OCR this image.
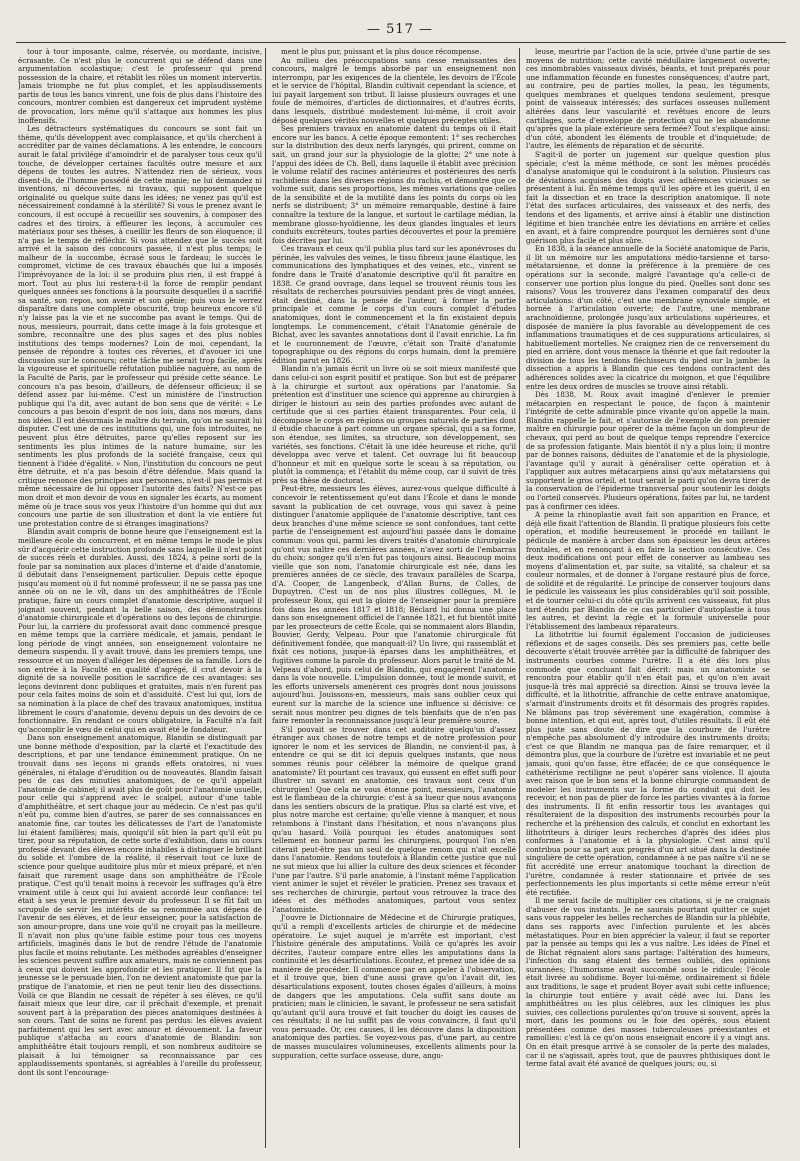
— 517 —

tour à tour imposante, calme, réservée, ou mordante, incisive, écrasante. Ce n'est plus le concurrent qui se défend dans une argumentation scolastique; c'est le professeur qui prend possession de la chaire, et rétablit les rôles un moment intervertis. Jamais triomphe ne fut plus complet, et les applaudissements partis de tous les bancs vinrent, une fois de plus dans l'histoire des concours, montrer combien est dangereux cet imprudent système de provocation, lors même qu'il s'attaque aux hommes les plus inoffensifs.

Les détracteurs systématiques du concours se sont fait un thème, qu'ils développent avec complaisance, et qu'ils cherchent à accréditer par de vaines déclamations. A les entendre, le concours aurait le fatal privilége d'amoindrir et de paralyser tous ceux qu'il touche, de développer certaines facultés outre mesure et aux dépens de toutes les autres. N'attendez rien de sérieux, vous disent-ils, de l'homme possédé de cette manie; ne lui demandez ni inventions, ni découvertes, ni travaux, qui supposent quelque originalité ou quelque suite dans les idées; ne venez pas qu'il est nécessairement condamné à la stérilité? Si vous le prenez avant le concours, il est occupé à recueillir ses souvenirs, à composer des cadres et des tiroirs, à effleurer les leçons, à accumuler ces matériaux pour ses thèses, à cueillir les fleurs de son éloquence; il n'a pas le temps de réfléchir. Si vous attendez que le succès soit arrivé et la saison des concours passée, il n'est plus temps; le malheur de la succombe, écrasé sous le fardeau; le succès le compromet, victime de ces travaux ébauchés que lui a imposés l'imprévoyance de la loi: il se produira plus rien, il est frappé à mort. Tout au plus lui restera-t-il la force de remplir pendant quelques années ses fonctions à la poursuite desquelles il a sacrifié sa santé, son repos, son avenir et son génie; puis vous le verrez disparaître dans une complète obscurité, trop heureux encore s'il n'y laisse pas la vie et ne succombe pas avant le temps. Qui de nous, messieurs, pourrait, dans cette image à la fois grotesque et sombre, reconnaître une des plus sages et des plus nobles institutions des temps modernes? Loin de moi, cependant, la pensée de répondre à toutes ces rêveries, et d'avouer ici une discussion sur le concours; cette tâche me serait trop facile, après la vigoureuse et spirituelle réfutation publiée naguère, au nom de la Faculté de Paris, par le professeur qui préside cette séance. Le concours n'a pas besoin, d'ailleurs, de défenseur officieux; il se défend assez par lui-même. C'est un ministère de l'instruction publique qui l'a dit, avec autant de bon sens que de vérité: « Le concours a pas besoin d'esprit de nos lois, dans nos mœurs, dans nos idées. Il est désormais le maître du terrain, qu'on ne saurait lui disputer. C'est une de ces institutions qui, une fois introduites, ne peuvent plus être détruites, parce qu'elles reposent sur les sentiments les plus intimes de la nature humaine, sur les sentiments les plus profonds de la société française, ceux qui tiennent à l'idée d'égalité. » Non, l'institution du concours ne peut être détruite, et n'a pas besoin d'être défendue. Mais quand la critique renonce des principes aux personnes, n'est-il pas permis et même nécessaire de lui opposer l'autorité des faits? N'est-ce pas mon droit et mon devoir de vous en signaler les écarts, au moment même où je trace sous vos yeux l'histoire d'un homme qui dut aux concours une partie de son illustration et dont la vie entière fut une protestation contre de si étranges imaginations?

Blandin avait compris de bonne heure que l'enseignement est la meilleure école du concurrent, et en même temps le mode le plus sûr d'acquérir cette instruction profonde sans laquelle il n'est point de succès réels et durables. Aussi, dès 1824, à peine sorti de la foule par sa nomination aux places d'interne et d'aide d'anatomie, il débutait dans l'enseignement particulier. Depuis cette époque jusqu'au moment où il fut nommé professeur, il ne se passa pas une année où on ne le vît, dans un des amphithéâtres de l'École pratique, faire un cours complet d'anatomie descriptive, auquel il joignait souvent, pendant la belle saison, des démonstrations d'anatomie chirurgicale et d'opérations ou des leçons de chirurgie. Pour lui, la carrière du professorat avait donc commencé presque en même temps que la carrière médicale, et jamais, pendant le long période de vingt années, son enseignement volontaire ne demeura suspendu. Il y avait trouvé, dans les premiers temps, une ressource et un moyen d'alléger les dépenses de sa famille. Lors de son entrée à la Faculté en qualité d'agrégé, il crut devoir à la dignité de sa nouvelle position le sacrifice de ces avantages: ses leçons devinrent donc publiques et gratuites, mais n'en furent pas pour cela faites moins de soin et d'assiduité. C'est lui qui, lors de sa nomination à la place de chef des travaux anatomiques, institua librement le cours d'anatomie, devenu depuis un des devoirs de ce fonctionnaire. En rendant ce cours obligatoire, la Faculté n'a fait qu'accomplir le vœu de celui qui en avait été le fondateur.

Dans son enseignement anatomique, Blandin se distinguait par une bonne méthode d'exposition, par la clarté et l'exactitude des descriptions, et par une tendance éminemment pratique. On ne trouvait dans ses leçons ni grands effets oratoires, ni vues générales, ni étalage d'érudition ou de nouveautés. Blandin faisait peu de cas des minuties anatomiques, de ce qu'il appelait l'anatomie de cabinet; il avait plus de goût pour l'anatomie usuelle, pour celle qui s'apprend avec le scalpel, autour d'une table d'amphithéâtre, et sert chaque jour au médecin. Ce n'est pas qu'il n'eût pu, comme bien d'autres, se parer de ses connaissances en anatomie fine, car toutes les délicatesses de l'art de l'anatomiste lui étaient familières; mais, quoiqu'il sût bien la part qu'il eût pu tirer, pour sa réputation, de cette sorte d'exhibition, dans un cours professé devant des élèves encore inhabiles à distinguer le brillant du solide et l'ombre de la réalité, il réservait tout ce luxe de science pour quelque auditoire plus mûr et mieux préparé, et n'en faisait que rarement usage dans son amphithéâtre de l'École pratique. C'est qu'il tenait moins à recevoir les suffrages qu'à être vraiment utile à ceux qui lui avaient accordé leur confiance: tel était à ses yeux le premier devoir du professeur. Il se fût fait un scrupule de servir les intérêts de sa renommée aux dépens de l'avenir de ses élèves, et de leur enseigner, pour la satisfaction de son amour-propre, dans une voie qu'il ne croyait pas la meilleure. Il n'avait non plus qu'une faible estime pour tous ces moyens artificiels, imaginés dans le but de rendre l'étude de l'anatomie plus facile et moins rebutante. Les méthodes agréables d'enseigner les sciences peuvent suffire aux amateurs, mais ne conviennent pas à ceux qui doivent les approfondir et les pratiquer. Il fut que la jeunesse se le persuade bien, l'on ne devient anatomiste que par la pratique de l'anatomie, et rien ne peut tenir lieu des dissections. Voilà ce que Blandin ne cessait de répéter à ses élèves, ce qu'il faisait mieux que leur dire, car il prêchait d'exemple, et prenait souvent part à la préparation des pièces anatomiques destinées à son cours. Tant de soins ne furent pas perdus: les élèves avaient parfaitement qui les sert avec amour et dévouement. La faveur publique s'attacha au cours d'anatomie de Blandin: son amphithéâtre était toujours rempli, et son nombreux auditoire se plaisait à lui témoigner sa reconnaissance par ces applaudissements spontanés, si agréables à l'oreille du professeur, dont ils sont l'encourage-

ment le plus pur, puissant et la plus douce récompense.

Au milieu des préoccupations sans cesse renaissantes des concours, malgré le temps absorbé par un enseignement non interrompu, par les exigences de la clientèle, les devoirs de l'École et le service de l'hôpital, Blandin cultivait cependant la science, et lui payait largement son tribut. Il laisse plusieurs ouvrages et une foule de mémoires, d'articles de dictionnaires, et d'autres écrits, dans lesquels, distribué modestement lui-même, il croit avoir déposé quelques vérités nouvelles et quelques préceptes utiles.

Ses premiers travaux en anatomie datent du temps où il était encore sur les bancs. A cette époque remontent: 1° ses recherches sur la distribution des deux nerfs laryngés, qui prirent, comme on sait, un grand jour sur la physiologie de la glotte; 2° une note à l'appui des idées de Ch. Bell, dans laquelle il établit avec précision le volume relatif des racines antérieures et postérieures des nerfs rachidiens dans les diverses régions du rachis, et démontre que ce volume suit, dans ses proportions, les mêmes variations que celles de la sensibilité et de la mutilité dans les points du corps où les nerfs se distribuent; 3° un mémoire remarquable, destiné à faire connaître la texture de la langue, et surtout le cartilage médian, la membrane glosso-hyoïdienne, les deux glandes linguales et leurs conduits excréteurs, toutes parties découvertes et pour la première fois décrites par lui.

Ces travaux et ceux qu'il publia plus tard sur les aponévroses du périnée, les valvules des veines, le tissu fibreux jaune élastique, les communications des lymphatiques et des veines, etc., vinrent se fondre dans le Traité d'anatomie descriptive qu'il fit paraître en 1838. Ce grand ouvrage, dans lequel se trouvent réunis tous les résultats de recherches poursuivies pendant près de vingt années, était destiné, dans la pensée de l'auteur, à former la partie principale et comme le corps d'un cours complet d'études anatomiques, dont le commencement et la fin existaient depuis longtemps. Le commencement, c'était l'Anatomie générale de Bichat, avec les savantes annotations dont il l'avait enrichie. La fin et le couronnement de l'œuvre, c'était son Traité d'anatomie topographique ou des régions du corps humain, dont la première édition parut en 1826.

Blandin n'a jamais écrit un livre où se soit mieux manifesté que dans celui-ci son esprit positif et pratique. Son but est de préparer à la chirurgie et surtout aux opérations par l'anatomie. Sa prétention est d'instituer une science qui apprenne au chirurgien à diriger le bistouri au sein des parties profondes avec autant de certitude que si ces parties étaient transparentes. Pour cela, il décompose le corps en régions ou groupes naturels de parties dont il étudie chacune à part comme un organe spécial, qui a sa forme, son étendue, ses limites, sa structure, son développement, ses variétés, ses fonctions. C'était là une idée heureuse et riche, qu'il développa avec verve et talent. Cet ouvrage lui fit beaucoup d'honneur et mit en quelque sorte le sceau à sa réputation, ou plutôt la commença; et l'établit du même coup, car il suivit de très près sa thèse de doctorat.

Peut-être, messieurs les élèves, aurez-vous quelque difficulté à concevoir le retentissement qu'eut dans l'École et dans le monde savant la publication de cet ouvrage, vous qui savez à peine distinguer l'anatomie appliquée de l'anatomie descriptive, tant ces deux branches d'une même science se sont confondues, tant cette partie de l'enseignement est aujourd'hui passée dans le domaine commun: vous qui, parmi les divers traités d'anatomie chirurgicale qu'ont vus naître ces dernières années, n'avez sorti de l'embarras du choix; songez qu'il n'en fut pas toujours ainsi. Beaucoup moins vieille que son nom, l'anatomie chirurgicale est née, dans les premières années de ce siècle, des travaux parallèles de Scarpa, d'A. Cooper, de Langenbeck, d'Allan Burns, de Colles, de Dupuytren. C'est un de nos plus illustres collègues, M. le professeur Roux, qui eut la gloire de l'enseigner pour la première fois dans les années 1817 et 1818; Béclard lui donna une place dans son enseignement officiel de l'année 1821, et fut bientôt imité par les prosecteurs de cette École, qui se nommaient alors Blandin, Bouvier, Gerdy, Velpeau. Pour que l'anatomie chirurgicale fût définitivement fondée, que manquait-il? Un livre, qui rassemblât et fixât ces notions, jusque-là éparses dans les amphithéâtres, et fugitives comme la parole du professeur. Alors parut le traité de M. Velpeau d'abord, puis celui de Blandin, qui engagèrent l'anatomie dans la voie nouvelle. L'impulsion donnée, tout le monde suivit, et les efforts universels amenèrent ces progrès dont nous jouissons aujourd'hui. Jouissons-en, messieurs, mais sans oublier ceux qui eurent sur la marche de la science une influence si décisive: ce serait nous montrer peu dignes de tels bienfaits que de n'en pas faire remonter la reconnaissance jusqu'à leur première source.

S'il pouvait se trouver dans cet auditoire quelqu'un d'assez étranger aux choses de notre temps et de notre profession pour ignorer le nom et les services de Blandin, ne convient-il pas, à entendre ce qui se dit ici depuis quelques instants, que nous sommes réunis pour célébrer la mémoire de quelque grand anatomiste? Et pourtant ces travaux, qui eussent en effet suffi pour illustrer un savant en anatomie, ces travaux sont ceux d'un chirurgien! Que cela ne vous étonne point, messieurs, l'anatomie est le flambeau de la chirurgie: c'est à sa lueur que nous avançons dans les sentiers obscurs de la pratique. Plus sa clarté est vive, et plus notre marche est certaine; qu'elle vienne à manquer, et nous retombons à l'instant dans l'hésitation, et nous n'avançons plus qu'au hasard. Voilà pourquoi les études anatomiques sont tellement en honneur parmi les chirurgiens, pourquoi l'on n'en citerait peut-être pas un seul de quelque renom qui n'ait excellé dans l'anatomie. Rendons toutefois à Blandin cette justice que nul ne sut mieux que lui allier la culture des deux sciences et féconder l'une par l'autre. S'il parle anatomie, à l'instant même l'application vient animer le sujet et révéler le praticien. Prenez ses travaux et ses recherches de chirurgie, partout vous retrouvez la trace des idées et des méthodes anatomiques, partout vous sentez l'anatomiste.

J'ouvre le Dictionnaire de Médecine et de Chirurgie pratiques, qu'il a rempli d'excellents articles de chirurgie et de médecine opératoire. Le sujet auquel je m'arrête est important, c'est l'histoire générale des amputations. Voilà ce qu'après les avoir décrites, l'auteur compare entre elles les amputations dans la continuité et les désarticulations. Ecoutez, et prenez une idée de sa manière de procéder. Il commence par en appeler à l'observation, et il trouve que, bien d'une aussi grave qu'on l'avait dit, les désarticulations exposent, toutes choses égales d'ailleurs, à moins de dangers que les amputations. Cela suffit sans doute au praticien; mais le clinicien, le savant, le professeur ne sera satisfait qu'autant qu'il aura trouvé et fait toucher du doigt les causes de ces résultats; il ne lui suffit pas de vous convaincre, il faut qu'il vous persuade. Or, ces causes, il les découvre dans la disposition anatomique des parties. Se voyez-vous pas, d'une part, au centre de masses musculaires volumineuses, excellents aliments pour la suppuration, cette surface osseuse, dure, angu-

leuse, meurtrie par l'action de la scie, privée d'une partie de ses moyens de nutrition; cette cavité médullaire largement ouverte; ces innombrables vaisseaux divisés, béants, et tout préparés pour une inflammation féconde en funestes conséquences; d'autre part, au contraire, peu de parties molles, la peau, les téguments, quelques membranes et quelques tendons seulement, presque point de vaisseaux intéressés; des surfaces osseuses nullement altérées dans leur vascularité et revêtues encore de leurs cartilages, sorte d'enveloppe de protection qui ne les abandonne qu'après que la plaie extérieure sera fermée? Tout s'explique ainsi: d'un côté, abondent les éléments de trouble et d'inquiétude; de l'autre, les éléments de réparation et de sécurité.

S'agit-il de porter un jugement sur quelque question plus spéciale; c'est la même méthode, ce sont les mêmes procédés d'analyse anatomique qui le conduiront à la solution. Plusieurs cas de déviations acquises des doigts avec adhérences vicieuses se présentent à lui. En même temps qu'il les opère et les guérit, il en fait la dissection et en trace la description anatomique. Il note l'état des surfaces articulaires, des vaisseaux et des nerfs, des tendons et des ligaments, et arrive ainsi à établir une distinction légitime et bien tranchée entre les déviations en arrière et celles en avant, et à faire comprendre pourquoi les dernières sont d'une guérison plus facile et plus sûre.

En 1838, à la séance annuelle de la Société anatomique de Paris, il lit un mémoire sur les amputations médio-tarsienne et tarso-métatarsienne, et donne la préférence à la première de ces opérations sur la seconde, malgré l'avantage qu'a celle-ci de conserver une portion plus longue du pied. Quelles sont donc ses raisons? Vous les trouverez dans l'examen comparatif des deux articulations: d'un côté, c'est une membrane synoviale simple, et bornée à l'articulation ouverte; de l'autre, une membrane arachnoïdienne, prolongée jusqu'aux articulations supérieures, et disposée de manière la plus favorable au développement de ces inflammations traumatiques et de ces suppurations articulaires, si habituellement mortelles. Ne craignez rien de ce renversement du pied en arrière, dont vous menace la théorie et que fait redouter la division de tous les tendons fléchisseurs du pied sur la jambe: la dissection a appris à Blandin que ces tendons contractent des adhérences solides avec la cicatrice du moignon, et que l'équilibre entre les deux ordres de muscles se trouve ainsi rétabli.

Dès 1838, M. Roux avait imaginé d'enlever le premier métacarpien en respectant le pouce, de façon à maintenir l'intégrité de cette admirable pince vivante qu'on appelle la main. Blandin rappelle le fait, et s'autorise de l'exemple de son premier maître en chirurgie pour opérer de la même façon un dompteur de chevaux, qui perd au bout de quelque temps reprendre l'exercice de sa profession fatigante. Mais bientôt il n'y a plus loin; il montre par de bonnes raisons, déduites de l'anatomie et de la physiologie, l'avantage qu'il y aurait à généraliser cette opération et à l'appliquer aux autres métacarpiens ainsi qu'aux métatarsiens qui supportent le gros orteil, et tout serait le parti qu'on devra tirer de la conservation de l'épiderme transversal pour soutenir les doigts ou l'orteil conservés. Plusieurs opérations, faites par lui, ne tardent pas à confirmer ces idées.

A peine la rhinoplastie avait fait son apparition en France, et déjà elle fixait l'attention de Blandin. Il pratique plusieurs fois cette opération, et modifie heureusement le procédé en taillant le pédicule de manière à arcber dans son épaisseur les deux artères frontales, et en renonçant à en faire la section consécutive. Ces deux modifications ont pour effet de conserver au lambeau ses moyens d'alimentation et, par suite, sa vitalité, sa chaleur et sa couleur normales, et de donner à l'organe restauré plus de force, de solidité et de régularité. Le principe de conserver toujours dans le pédicule les vaisseaux les plus considérables qu'il soit possible, et de tourner celui-ci du côté qu'ils arrivent ces vaisseaux, fut plus tard étendu par Blandin de ce cas particulier d'autoplastie à tous les autres, et devint la règle et la formule universelle pour l'établissement des lambeaux réparateurs.

La lithotritie lui fournit également l'occasion de judicieuses réflexions et de sages conseils. Dès ses premiers pas, cette belle découverte s'était trouvée arrêtée par la difficulté de fabriquer des instruments courbes comme l'urètre. Il a été dès lors plus commode que concluant fait décrit: mais un anatomiste se rencontra pour établir qu'il n'en était pas, et qu'on n'en avait jusque-là très mal apprécié sa direction. Ainsi se trouva levée la difficulté, et la lithotritie, affranchie de cette entrave anatomique, s'armait d'instruments droits et fit désormais des progrès rapides. Ne blâmons pas trop sévèrement une exagération, commise à bonne intention, et qui eut, après tout, d'utiles résultats. Il eût été plus juste sans doute de dire que la courbure de l'urètre n'empêche pas absolument d'y introduire des instruments droits; c'est ce que Blandin ne manqua pas de faire remarquer, et il démontra plus, que la courbure de l'urètre est invariable et ne peut jamais, quoi qu'on fasse, être effacée; de ce que conséquence le cathétérisme rectiligne ne peut s'opérer sans violence. Il ajouta avec raison que le bon sens et la bonne chirurgie commandent de modeler les instruments sur la forme du conduit qui doit les recevoir, et non pas de plier de force les parties vivantes à la forme des instruments. Il fit enfin ressortir tous les avantages qui résulteraient de la disposition des instruments recourbés pour la recherche et la préhension des calculs, et conclut en exhortant les lithotriteurs à diriger leurs recherches d'après des idées plus conformes à l'anatomie et à la physiologie. C'est ainsi qu'il contribua pour sa part aux progrès d'un art situé dans la destinée singulière de cette opération, condamnée à ne pas naître s'il ne se fût accrédité une erreur anatomique touchant la direction de l'urètre, condamnée à rester stationnaire et privée de ses perfectionnements les plus importants si cette même erreur n'eût été rectifiée.

Il me serait facile de multiplier ces citations, si je ne craignais d'abuser de vos instants. Je ne saurais pourtant quitter ce sujet sans vous rappeler les belles recherches de Blandin sur la phlébite, dans ses rapports avec l'infection purulente et les abcès métastatiques. Pour en bien apprécier la valeur, il faut se reporter par la pensée au temps qui les a vus naître. Les idées de Pinel et de Bichat régnaient alors sans partage: l'altération des humeurs, l'infection du sang étaient des termes oubliés, des opinions surannées; l'humorisme avait succombé sous le ridicule; l'école était livrée au solidisme. Boyer lui-même, ordinairement si fidèle aux traditions, le sage et prudent Boyer avait subi cette influence; la chirurgie tout entière y avait cédé avec lui. Dans les amphithéâtres ou les plus célèbres, aux les cliniques les plus suivies, ces collections purulentes qu'on trouve si souvent, après la mort, dans les poumons ou le foie des opérés, sous étaient présentées comme des masses tuberculeuses préexistantes et ramollies: c'est là ce qu'on nous enseignait encore il y a vingt ans. On en était presque arrivé à se consoler de la perte des malades, car il ne s'agissait, après tout, que de pauvres phthisiques dont le terme fatal avait été avancé de quelques jours; ou, si
